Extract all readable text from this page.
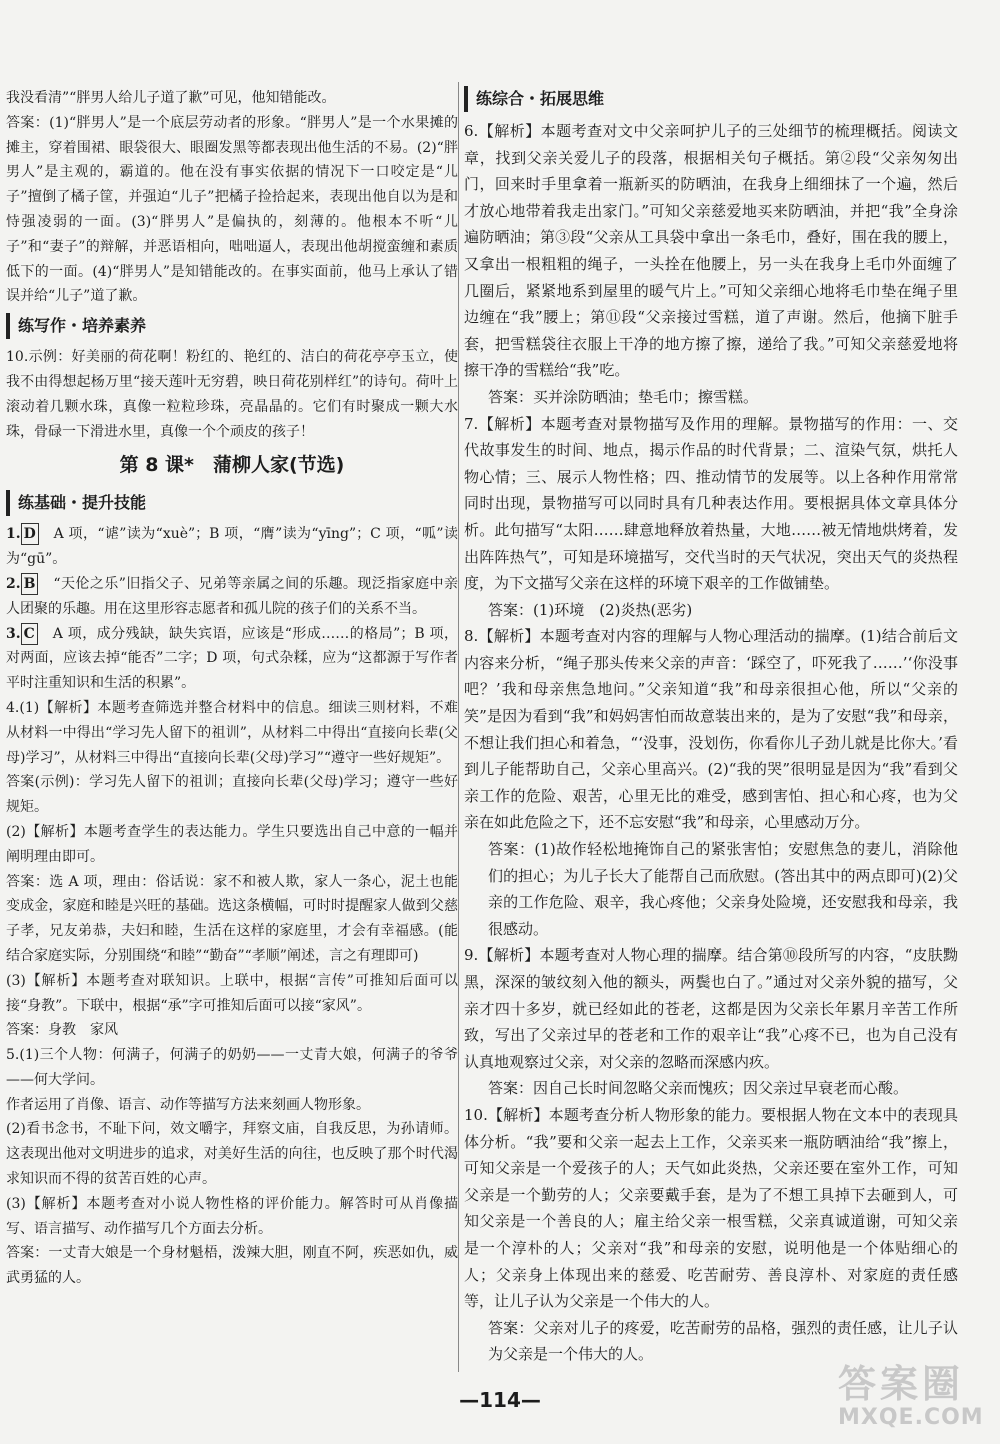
我没看清”“胖男人给儿子道了歉”可见，他知错能改。

答案：(1)“胖男人”是一个底层劳动者的形象。“胖男人”是一个水果摊的摊主，穿着围裙、眼袋很大、眼圈发黑等都表现出他生活的不易。(2)“胖男人”是主观的，霸道的。他在没有事实依据的情况下一口咬定是“儿子”擅倒了橘子筐，并强迫“儿子”把橘子捡拾起来，表现出他自以为是和恃强凌弱的一面。(3)“胖男人”是偏执的，刻薄的。他根本不听“儿子”和“妻子”的辩解，并恶语相向，咄咄逼人，表现出他胡搅蛮缠和素质低下的一面。(4)“胖男人”是知错能改的。在事实面前，他马上承认了错误并给“儿子”道了歉。

练写作・培养素养

10.示例：好美丽的荷花啊！粉红的、艳红的、洁白的荷花亭亭玉立，使我不由得想起杨万里“接天莲叶无穷碧，映日荷花别样红”的诗句。荷叶上滚动着几颗水珠，真像一粒粒珍珠，亮晶晶的。它们有时聚成一颗大水珠，骨碌一下滑进水里，真像一个个顽皮的孩子！

第 8 课*　蒲柳人家(节选)
练基础・提升技能

1. D　 A 项，“谑”读为“xuè”；B 项，“膺”读为“yīng”；C 项，“呱”读为“gū”。

2. B　 “天伦之乐”旧指父子、兄弟等亲属之间的乐趣。现泛指家庭中亲人团聚的乐趣。用在这里形容志愿者和孤儿院的孩子们的关系不当。

3. C　 A 项，成分残缺，缺失宾语，应该是“形成……的格局”；B 项，对两面，应该去掉“能否”二字；D 项，句式杂糅，应为“这都源于写作者平时注重知识和生活的积累”。

4.(1)【解析】本题考查筛选并整合材料中的信息。细读三则材料，不难从材料一中得出“学习先人留下的祖训”，从材料二中得出“直接向长辈(父母)学习”，从材料三中得出“直接向长辈(父母)学习”“遵守一些好规矩”。

答案(示例)：学习先人留下的祖训；直接向长辈(父母)学习；遵守一些好规矩。

(2)【解析】本题考查学生的表达能力。学生只要选出自己中意的一幅并阐明理由即可。

答案：选 A 项，理由：俗话说：家不和被人欺，家人一条心，泥土也能变成金，家庭和睦是兴旺的基础。选这条横幅，可时时提醒家人做到父慈子孝，兄友弟恭，夫妇和睦，生活在这样的家庭里，才会有幸福感。(能结合家庭实际，分别围绕“和睦”“勤奋”“孝顺”阐述，言之有理即可)

(3)【解析】本题考查对联知识。上联中，根据“言传”可推知后面可以接“身教”。下联中，根据“承”字可推知后面可以接“家风”。

答案：身教　家风

5.(1)三个人物：何满子，何满子的奶奶——一丈青大娘，何满子的爷爷——何大学问。

作者运用了肖像、语言、动作等描写方法来刻画人物形象。

(2)看书念书，不耻下问，效文嚼字，拜察文庙，自我反思，为孙请师。这表现出他对文明进步的追求，对美好生活的向往，也反映了那个时代渴求知识而不得的贫苦百姓的心声。

(3)【解析】本题考查对小说人物性格的评价能力。解答时可从肖像描写、语言描写、动作描写几个方面去分析。

答案：一丈青大娘是一个身材魁梧，泼辣大胆，刚直不阿，疾恶如仇，威武勇猛的人。

练综合・拓展思维

6.【解析】本题考查对文中父亲呵护儿子的三处细节的梳理概括。阅读文章，找到父亲关爱儿子的段落，根据相关句子概括。第②段“父亲匆匆出门，回来时手里拿着一瓶新买的防晒油，在我身上细细抹了一个遍，然后才放心地带着我走出家门。”可知父亲慈爱地买来防晒油，并把“我”全身涂遍防晒油；第③段“父亲从工具袋中拿出一条毛巾，叠好，围在我的腰上，又拿出一根粗粗的绳子，一头拴在他腰上，另一头在我身上毛巾外面缠了几圈后，紧紧地系到屋里的暖气片上。”可知父亲细心地将毛巾垫在绳子里边缠在“我”腰上；第⑪段“父亲接过雪糕，道了声谢。然后，他摘下脏手套，把雪糕袋往衣服上干净的地方擦了擦，递给了我。”可知父亲慈爱地将擦干净的雪糕给“我”吃。

答案：买并涂防晒油；垫毛巾；擦雪糕。

7.【解析】本题考查对景物描写及作用的理解。景物描写的作用：一、交代故事发生的时间、地点，揭示作品的时代背景；二、渲染气氛，烘托人物心情；三、展示人物性格；四、推动情节的发展等。以上各种作用常常同时出现，景物描写可以同时具有几种表达作用。要根据具体文章具体分析。此句描写“太阳……肆意地释放着热量，大地……被无情地烘烤着，发出阵阵热气”，可知是环境描写，交代当时的天气状况，突出天气的炎热程度，为下文描写父亲在这样的环境下艰辛的工作做铺垫。

答案：(1)环境　(2)炎热(恶劣)

8.【解析】本题考查对内容的理解与人物心理活动的揣摩。(1)结合前后文内容来分析，“绳子那头传来父亲的声音：‘踩空了，吓死我了……’‘你没事吧？’我和母亲焦急地问。”父亲知道“我”和母亲很担心他，所以“父亲的笑”是因为看到“我”和妈妈害怕而故意装出来的，是为了安慰“我”和母亲，不想让我们担心和着急，“‘没事，没划伤，你看你儿子劲儿就是比你大。’看到儿子能帮助自己，父亲心里高兴。(2)“我的哭”很明显是因为“我”看到父亲工作的危险、艰苦，心里无比的难受，感到害怕、担心和心疼，也为父亲在如此危险之下，还不忘安慰“我”和母亲，心里感动万分。

答案：(1)故作轻松地掩饰自己的紧张害怕；安慰焦急的妻儿，消除他们的担心；为儿子长大了能帮自己而欣慰。(答出其中的两点即可)(2)父亲的工作危险、艰辛，我心疼他；父亲身处险境，还安慰我和母亲，我很感动。

9.【解析】本题考查对人物心理的揣摩。结合第⑩段所写的内容，“皮肤黝黑，深深的皱纹刻入他的额头，两鬓也白了。”通过对父亲外貌的描写，父亲才四十多岁，就已经如此的苍老，这都是因为父亲长年累月辛苦工作所致，写出了父亲过早的苍老和工作的艰辛让“我”心疼不已，也为自己没有认真地观察过父亲，对父亲的忽略而深感内疚。

答案：因自己长时间忽略父亲而愧疚；因父亲过早衰老而心酸。

10.【解析】本题考查分析人物形象的能力。要根据人物在文本中的表现具体分析。“我”要和父亲一起去上工作，父亲买来一瓶防晒油给“我”擦上，可知父亲是一个爱孩子的人；天气如此炎热，父亲还要在室外工作，可知父亲是一个勤劳的人；父亲要戴手套，是为了不想工具掉下去砸到人，可知父亲是一个善良的人；雇主给父亲一根雪糕，父亲真诚道谢，可知父亲是一个淳朴的人；父亲对“我”和母亲的安慰，说明他是一个体贴细心的人；父亲身上体现出来的慈爱、吃苦耐劳、善良淳朴、对家庭的责任感等，让儿子认为父亲是一个伟大的人。

答案：父亲对儿子的疼爱，吃苦耐劳的品格，强烈的责任感，让儿子认为父亲是一个伟大的人。

—114—	答案圈
MXQE.COM
